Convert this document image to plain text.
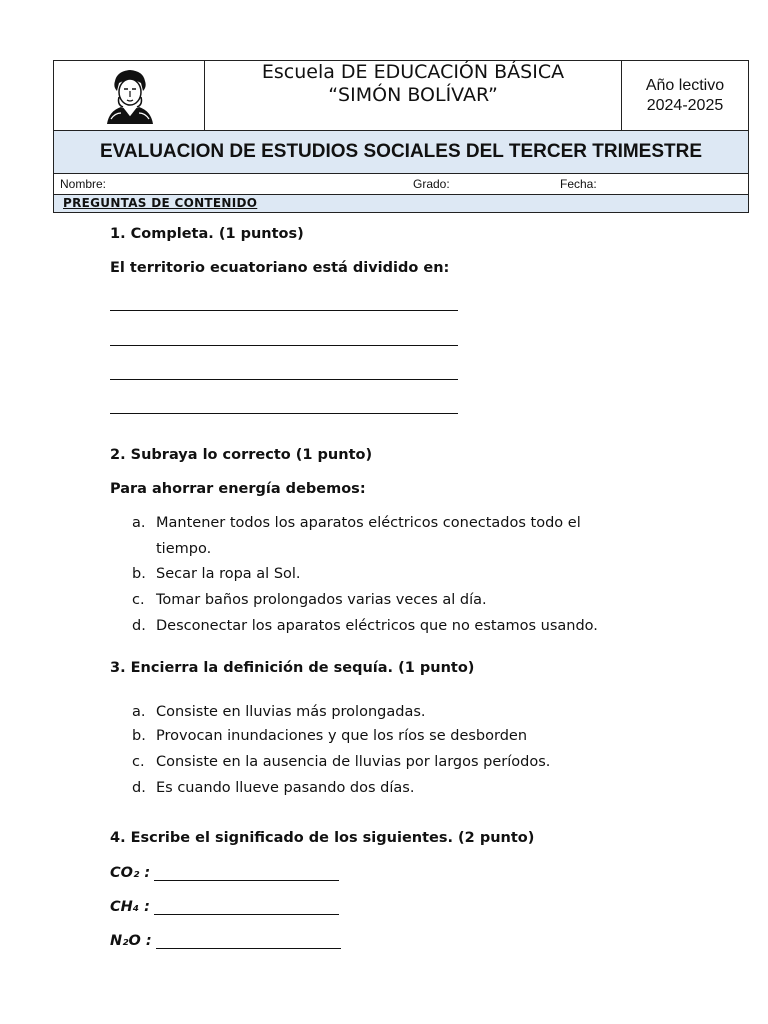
Escuela DE EDUCACIÓN BÁSICA
“SIMÓN BOLÍVAR”	Año lectivo
2024-2025
EVALUACION DE ESTUDIOS SOCIALES DEL TERCER TRIMESTRE
Nombre:	Grado:	Fecha:
PREGUNTAS DE CONTENIDO
1. Completa. (1 puntos)
El territorio ecuatoriano está dividido en:
2. Subraya lo correcto (1 punto)
Para ahorrar energía debemos:
a. Mantener todos los aparatos eléctricos conectados todo el
tiempo.
b. Secar la ropa al Sol.
c. Tomar baños prolongados varias veces al día.
d. Desconectar los aparatos eléctricos que no estamos usando.
3. Encierra la definición de sequía. (1 punto)
a. Consiste en lluvias más prolongadas.
b. Provocan inundaciones y que los ríos se desborden
c. Consiste en la ausencia de lluvias por largos períodos.
d. Es cuando llueve pasando dos días.
4. Escribe el significado de los siguientes. (2 punto)
CO₂ :
CH₄ :
N₂O :
